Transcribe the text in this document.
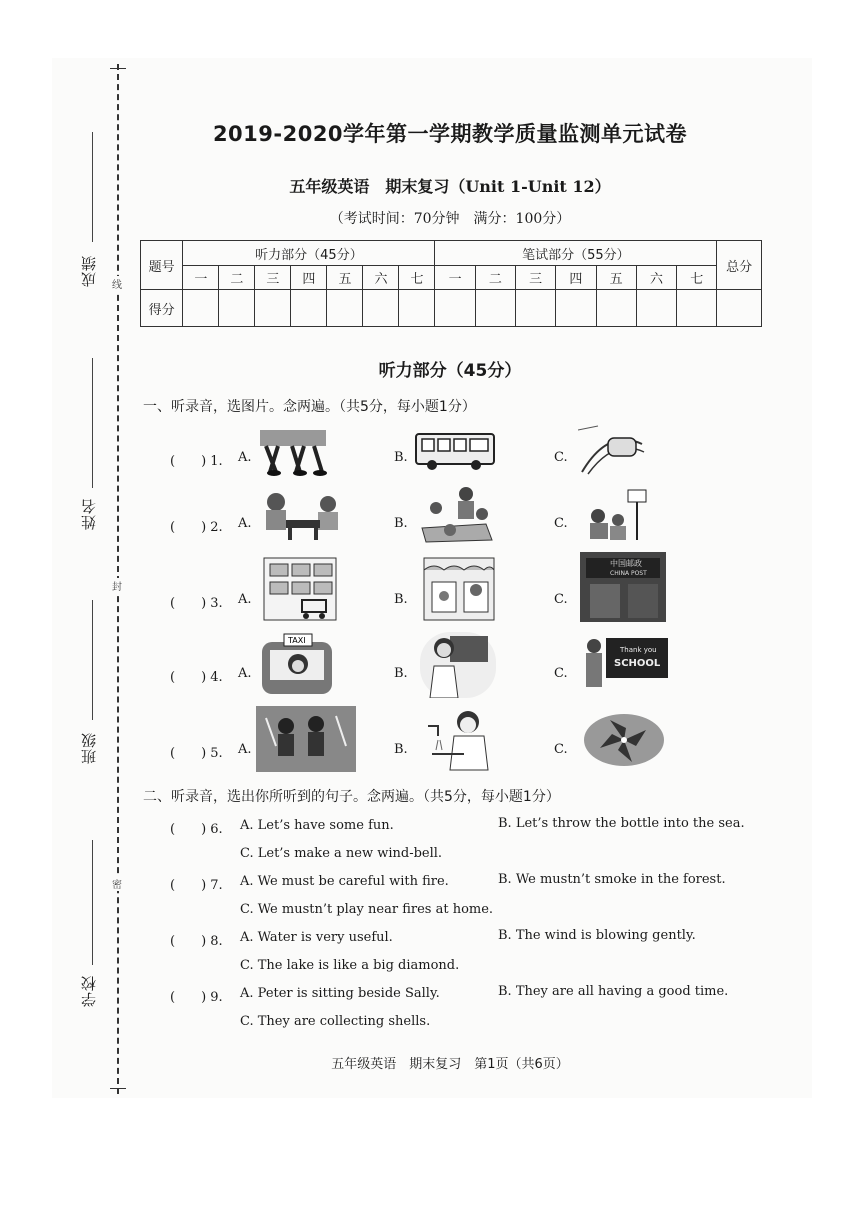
成绩
姓名
班级
学校
线
封
密
2019-2020学年第一学期教学质量监测单元试卷
五年级英语　期末复习（Unit 1-Unit 12）
（考试时间：70分钟　满分：100分）
题号	听力部分（45分）							笔试部分（55分）							总分
	一	二	三	四	五	六	七	一	二	三	四	五	六	七	
得分															
听力部分（45分）
一、听录音，选图片。念两遍。（共5分，每小题1分）
(　　) 1. A.	B.	C.
(　　) 2. A.	B.	C.
(　　) 3. A.	B.	C.
中国邮政
CHINA POST
(　　) 4. A.	B.	C.
TAXI
Thank you
SCHOOL
(　　) 5. A.	B.	C.
二、听录音，选出你所听到的句子。念两遍。（共5分，每小题1分）
(　　) 6. A. Let’s have some fun.	B. Let’s throw the bottle into the sea.
C. Let’s make a new wind-bell.
(　　) 7. A. We must be careful with fire.	B. We mustn’t smoke in the forest.
C. We mustn’t play near fires at home.
(　　) 8. A. Water is very useful.	B. The wind is blowing gently.
C. The lake is like a big diamond.
(　　) 9. A. Peter is sitting beside Sally.	B. They are all having a good time.
C. They are collecting shells.
五年级英语　期末复习　第1页（共6页）
